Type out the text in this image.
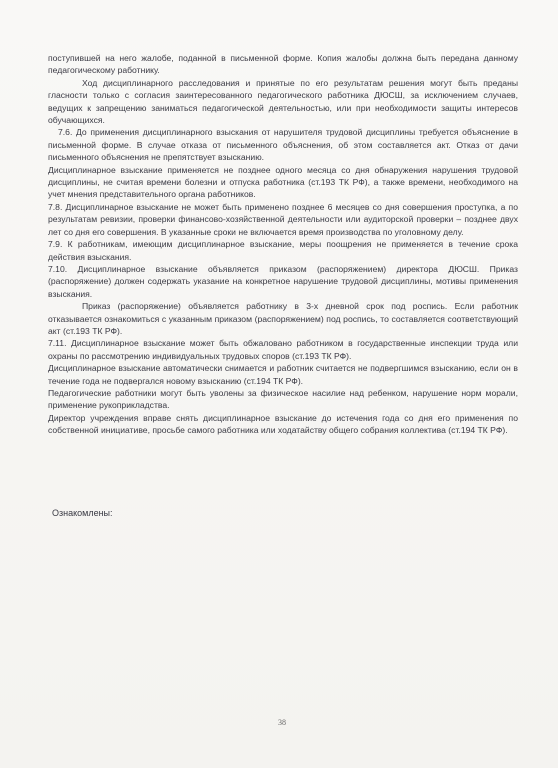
поступившей на него жалобе, поданной в письменной форме. Копия жалобы должна быть передана данному педагогическому работнику.

Ход дисциплинарного расследования и принятые по его результатам решения могут быть преданы гласности только с согласия заинтересованного педагогического работника ДЮСШ, за исключением случаев, ведущих к запрещению заниматься педагогической деятельностью, или при необходимости защиты интересов обучающихся.

7.6. До применения дисциплинарного взыскания от нарушителя трудовой дисциплины требуется объяснение в письменной форме. В случае отказа от письменного объяснения, об этом составляется акт. Отказ от дачи письменного объяснения не препятствует взысканию.

Дисциплинарное взыскание применяется не позднее одного месяца со дня обнаружения нарушения трудовой дисциплины, не считая времени болезни и отпуска работника (ст.193 ТК РФ), а также времени, необходимого на учет мнения представительного органа работников.

7.8. Дисциплинарное взыскание не может быть применено позднее 6 месяцев со дня совершения проступка, а по результатам ревизии, проверки финансово-хозяйственной деятельности или аудиторской проверки – позднее двух лет со дня его совершения. В указанные сроки не включается время производства по уголовному делу.

7.9. К работникам, имеющим дисциплинарное взыскание, меры поощрения не применяется в течение срока действия взыскания.

7.10. Дисциплинарное взыскание объявляется приказом (распоряжением) директора ДЮСШ. Приказ (распоряжение) должен содержать указание на конкретное нарушение трудовой дисциплины, мотивы применения взыскания.

Приказ (распоряжение) объявляется работнику в 3-х дневной срок под роспись. Если работник отказывается ознакомиться с указанным приказом (распоряжением) под роспись, то составляется соответствующий акт (ст.193 ТК РФ).

7.11. Дисциплинарное взыскание может быть обжаловано работником в государственные инспекции труда или охраны по рассмотрению индивидуальных трудовых споров (ст.193 ТК РФ).

Дисциплинарное взыскание автоматически снимается и работник считается не подвергшимся взысканию, если он в течение года не подвергался новому взысканию (ст.194 ТК РФ).

Педагогические работники могут быть уволены за физическое насилие над ребенком, нарушение норм морали, применение рукоприкладства.

Директор учреждения вправе снять дисциплинарное взыскание до истечения года со дня его применения по собственной инициативе, просьбе самого работника или ходатайству общего собрания коллектива (ст.194 ТК РФ).

Ознакомлены:
38
